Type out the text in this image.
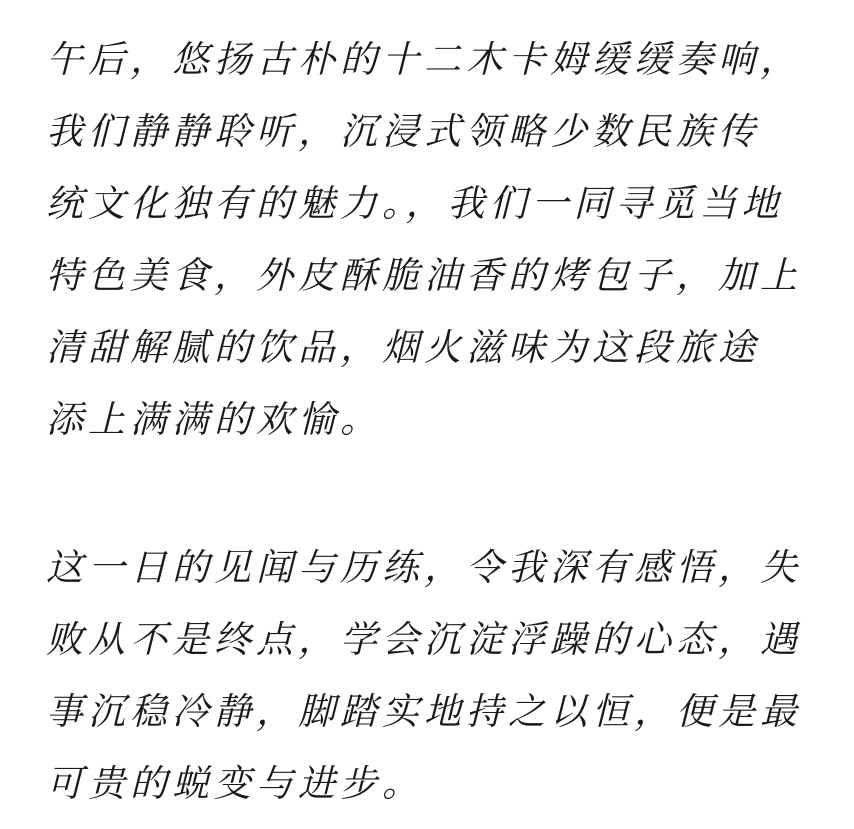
午后，悠扬古朴的十二木卡姆缓缓奏响，
我们静静聆听，沉浸式领略少数民族传
统文化独有的魅力。，我们一同寻觅当地
特色美食，外皮酥脆油香的烤包子，加上
清甜解腻的饮品，烟火滋味为这段旅途
添上满满的欢愉。
这一日的见闻与历练，令我深有感悟，失
败从不是终点，学会沉淀浮躁的心态，遇
事沉稳冷静，脚踏实地持之以恒，便是最
可贵的蜕变与进步。
